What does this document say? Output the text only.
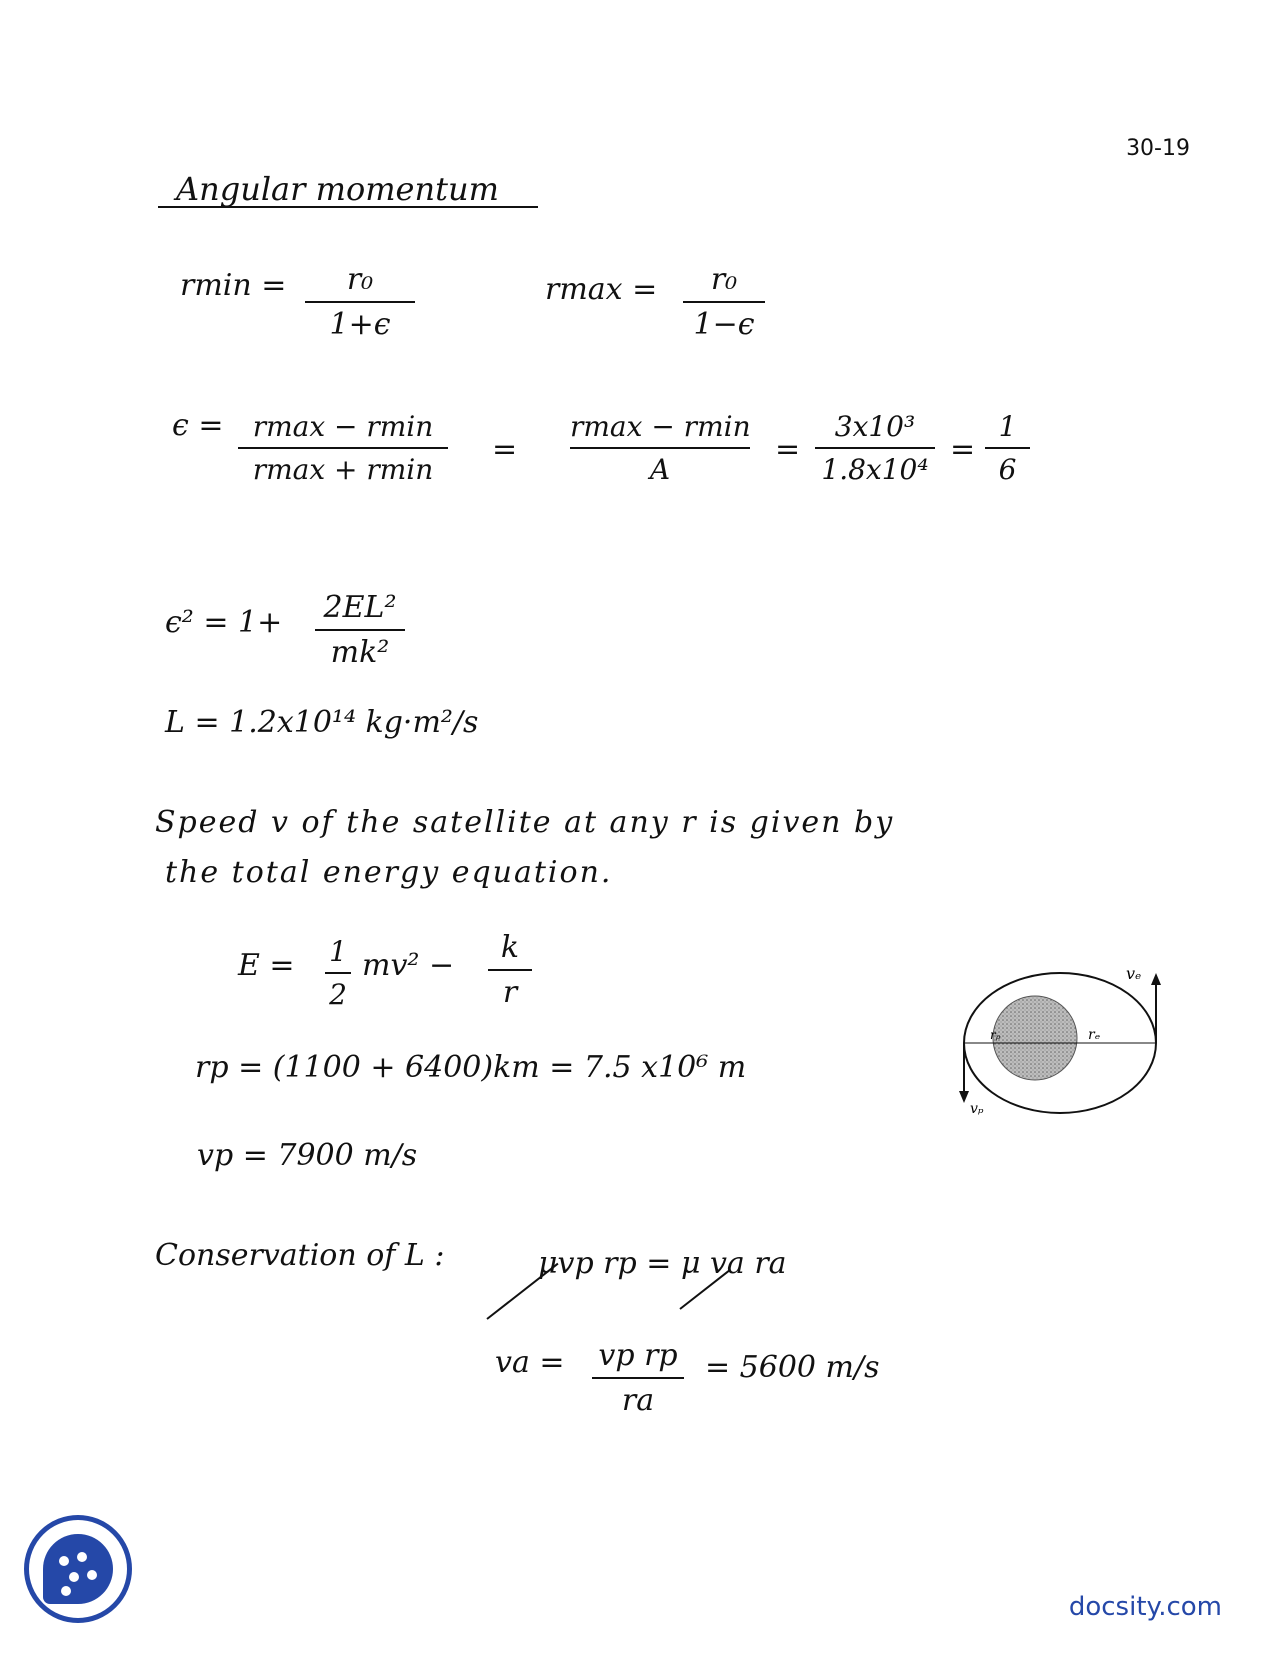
30-19
Angular momentum
rmin =	r₀
1+ϵ
rmax =	r₀
1−ϵ
ϵ =	rmax − rmin
rmax + rmin
=
rmax − rmin
A
=
3x10³
1.8x10⁴
=
1
6
ϵ² = 1+ 2EL²
mk²
L = 1.2x10¹⁴ kg·m²/s
Speed v of the satellite at any r is given by
the total energy equation.
E = 1
2
mv² −
k
r
rp = (1100 + 6400)km = 7.5 x10⁶ m
vp = 7900 m/s
Conservation of L :	μvp rp = μ va ra
va = vp rp
ra
= 5600 m/s
vₑ
vₚ
rₑ
rₚ
docsity.com
